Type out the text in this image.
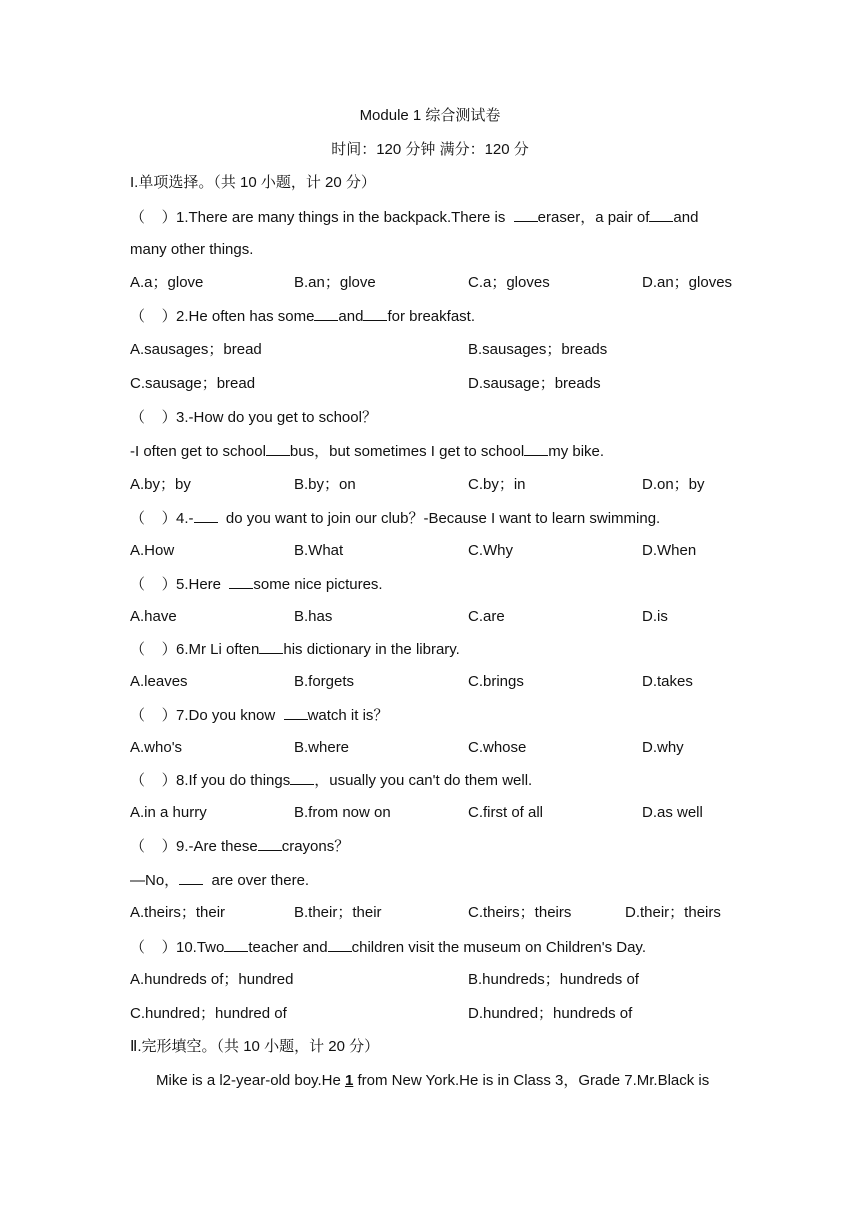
Module 1 综合测试卷
时间：120 分钟 满分：120 分
I.单项选择。（共 10 小题，计 20 分）
（    ）1.There are many things in the backpack.There is  eraser，a pair of and
many other things.
A.a；glove	B.an；glove	C.a；gloves	D.an；gloves
（    ）2.He often has some and for breakfast.
A.sausages；bread	B.sausages；breads
C.sausage；bread	D.sausage；breads
（    ）3.-How do you get to school？
-I often get to school bus，but sometimes I get to school my bike.
A.by；by	B.by；on	C.by；in	D.on；by
（    ）4.-  do you want to join our club？-Because I want to learn swimming.
A.How	B.What	C.Why	D.When
（    ）5.Here  some nice pictures.
A.have	B.has	C.are	D.is
（    ）6.Mr Li often his dictionary in the library.
A.leaves	B.forgets	C.brings	D.takes
（    ）7.Do you know  watch it is？
A.who's	B.where	C.whose	D.why
（    ）8.If you do things ，usually you can't do them well.
A.in a hurry	B.from now on	C.first of all	D.as well
（    ）9.-Are these crayons？
—No，  are over there.
A.theirs；their	B.their；their	C.theirs；theirs	D.their；theirs
（    ）10.Two teacher and children visit the museum on Children's Day.
A.hundreds of；hundred	B.hundreds；hundreds of
C.hundred；hundred of	D.hundred；hundreds of
Ⅱ.完形填空。（共 10 小题，计 20 分）
Mike is a l2-year-old boy.He 1 from New York.He is in Class 3，Grade 7.Mr.Black is
